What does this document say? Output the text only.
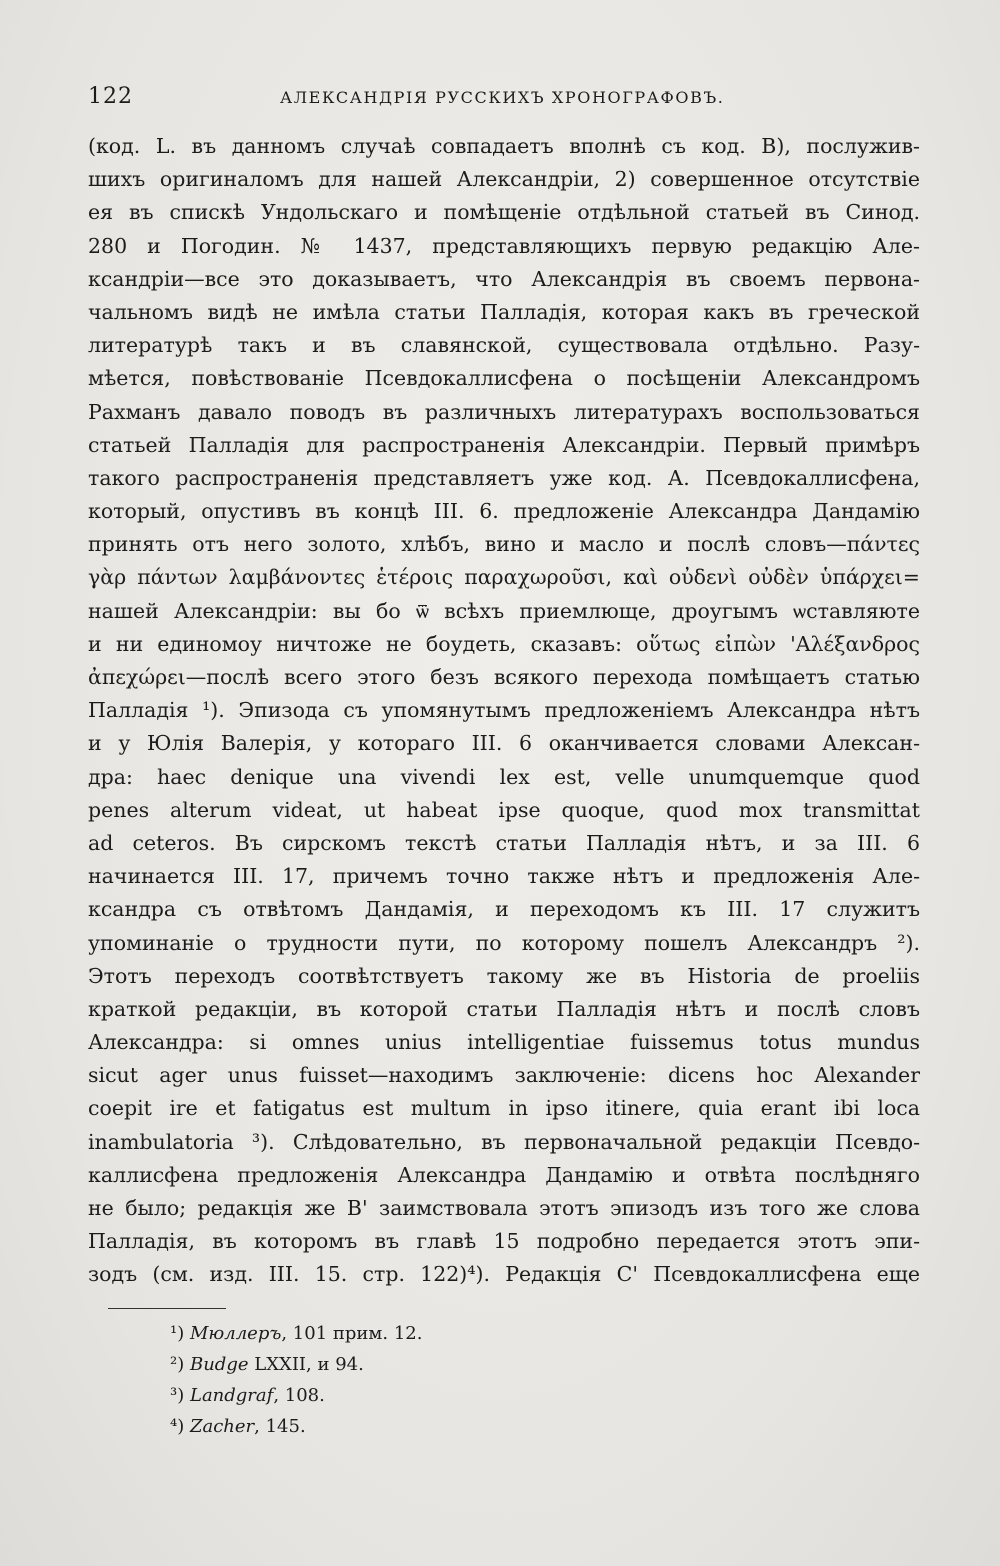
122	АЛЕКСАНДРІЯ РУССКИХЪ ХРОНОГРАФОВЪ.
(код. L. въ данномъ случаѣ совпадаетъ вполнѣ съ код. В), послужив-
шихъ оригиналомъ для нашей Александріи, 2) совершенное отсутствіе
ея въ спискѣ Ундольскаго и помѣщеніе отдѣльной статьей въ Синод.
280 и Погодин. № 1437, представляющихъ первую редакцію Але-
ксандріи—все это доказываетъ, что Александрія въ своемъ первона-
чальномъ видѣ не имѣла статьи Палладія, которая какъ въ греческой
литературѣ такъ и въ славянской, существовала отдѣльно. Разу-
мѣется, повѣствованіе Псевдокаллисфена о посѣщеніи Александромъ
Рахманъ давало поводъ въ различныхъ литературахъ воспользоваться
статьей Палладія для распространенія Александріи. Первый примѣръ
такого распространенія представляетъ уже код. А. Псевдокаллисфена,
который, опустивъ въ концѣ III. 6. предложеніе Александра Дандамію
принять отъ него золото, хлѣбъ, вино и масло и послѣ словъ—πάντες
γὰρ πάντων λαμβάνοντες ἑτέροις παραχωροῦσι, καὶ οὐδενὶ οὐδὲν ὑπάρχει=
нашей Александріи: вы бо ѿ всѣхъ приемлюще, дроугымъ ѡставляюте
и ни единомоу ничтоже не боудеть, сказавъ: οὕτως εἰπὼν 'Αλέξανδρος
ἀπεχώρει—послѣ всего этого безъ всякого перехода помѣщаетъ статью
Палладія ¹). Эпизода съ упомянутымъ предложеніемъ Александра нѣтъ
и у Юлія Валерія, у котораго III. 6 оканчивается словами Алексан-
дра: haec denique una vivendi lex est, velle unumquemque quod
penes alterum videat, ut habeat ipse quoque, quod mox transmittat
ad ceteros. Въ сирскомъ текстѣ статьи Палладія нѣтъ, и за III. 6
начинается III. 17, причемъ точно также нѣтъ и предложенія Але-
ксандра съ отвѣтомъ Дандамія, и переходомъ къ III. 17 служитъ
упоминаніе о трудности пути, по которому пошелъ Александръ ²).
Этотъ переходъ соотвѣтствуетъ такому же въ Historia de proeliis
краткой редакціи, въ которой статьи Палладія нѣтъ и послѣ словъ
Александра: si omnes unius intelligentiae fuissemus totus mundus
sicut ager unus fuisset—находимъ заключеніе: dicens hoc Alexander
coepit ire et fatigatus est multum in ipso itinere, quia erant ibi loca
inambulatoria ³). Слѣдовательно, въ первоначальной редакціи Псевдо-
каллисфена предложенія Александра Дандамію и отвѣта послѣдняго
не было; редакція же В' заимствовала этотъ эпизодъ изъ того же слова
Палладія, въ которомъ въ главѣ 15 подробно передается этотъ эпи-
зодъ (см. изд. III. 15. стр. 122)⁴). Редакція С' Псевдокаллисфена еще
¹) Мюллеръ, 101 прим. 12.
²) Budge LXXII, и 94.
³) Landgraf, 108.
⁴) Zacher, 145.
